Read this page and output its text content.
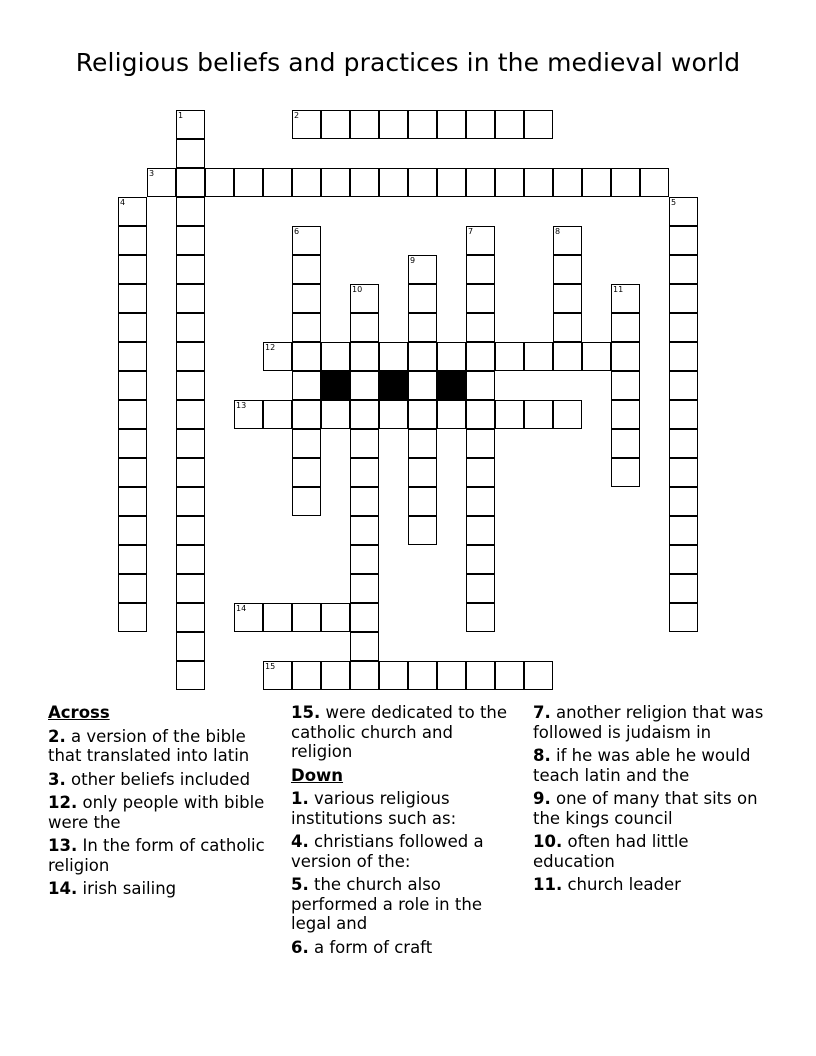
Religious beliefs and practices in the medieval world
1	2
3
4	5
6	7	8
9
10	11
12
13
14
15
Across
2. a version of the bible that translated into latin
3. other beliefs included
12. only people with bible were the
13. In the form of catholic religion
14. irish sailing
15. were dedicated to the catholic church and religion
Down
1. various religious institutions such as:
4. christians followed a version of the:
5. the church also performed a role in the legal and
6. a form of craft
7. another religion that was followed is judaism in
8. if he was able he would teach latin and the
9. one of many that sits on the kings council
10. often had little education
11. church leader
